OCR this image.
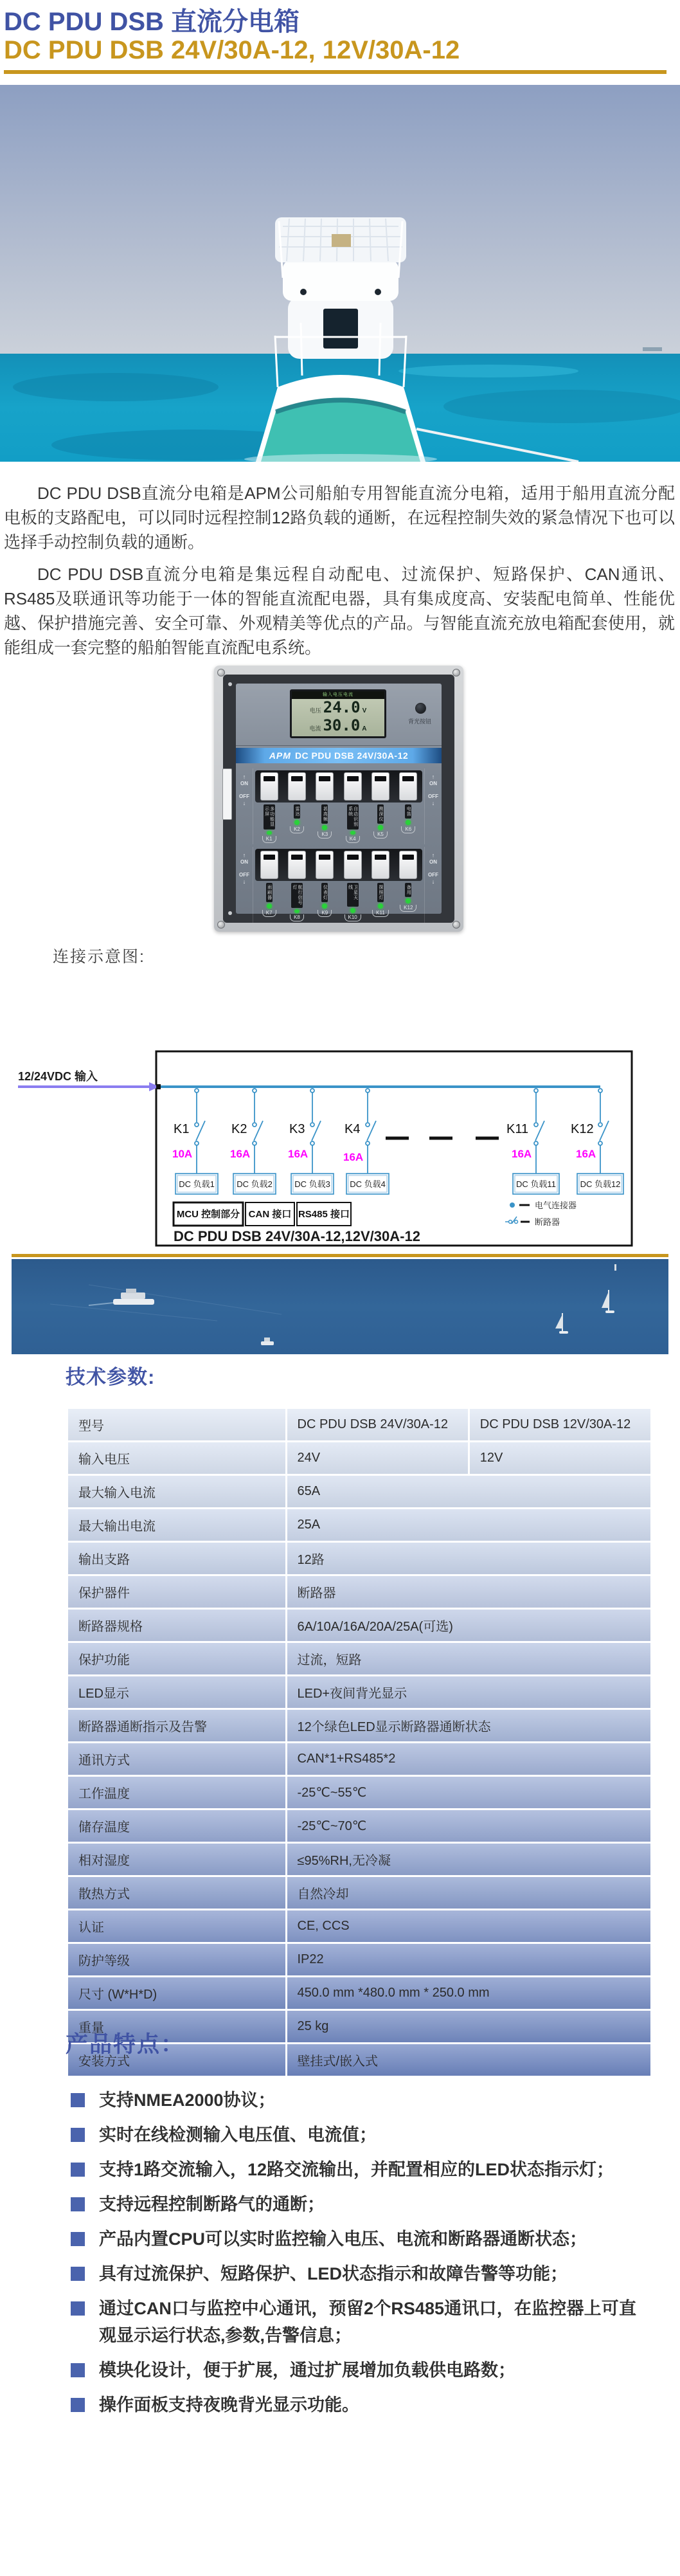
DC PDU DSB 直流分电箱
DC PDU DSB 24V/30A-12, 12V/30A-12

DC PDU DSB直流分电箱是APM公司船舶专用智能直流分电箱，适用于船用直流分配电板的支路配电，可以同时远程控制12路负载的通断，在远程控制失效的紧急情况下也可以选择手动控制负载的通断。

DC PDU DSB直流分电箱是集远程自动配电、过流保护、短路保护、CAN通讯、RS485及联通讯等功能于一体的智能直流配电器，具有集成度高、安装配电简单、性能优越、保护措施完善、安全可靠、外观精美等优点的产品。与智能直流充放电箱配套使用，就能组成一套完整的船舶智能直流配电系统。

输入电压电流
电压 24.0 V
电流 30.0 A
背光按钮
APM DC PDU DSB 24V/30A-12
↑
ON
OFF
↓
多功能显示屏
K1
雷达
K2
甚高频
K3
自动识别系统
K4
测深仪
K5
电笛
K6
↑
ON
OFF
↓
↑
ON
OFF
↓
雨刷器
K7
航行信号灯
K8
仪表灯
K9
卫星天线
K10
探照灯
K11
备用
K12
↑
ON
OFF
↓
连接示意图:
12/24VDC 输入
K1	K2	K3	K4	K11	K12
10A	16A	16A	16A	16A	16A
DC 负载1	DC 负载2	DC 负载3 DC 负载4	DC 负载11	DC 负载12
MCU 控制部分 CAN 接口 RS485 接口
DC PDU DSB 24V/30A-12,12V/30A-12
电气连接器
断路器
技术参数:
型号	DC PDU DSB 24V/30A-12	DC PDU DSB 12V/30A-12
输入电压	24V	12V
最大输入电流	65A	
最大输出电流	25A	
输出支路	12路	
保护器件	断路器	
断路器规格	6A/10A/16A/20A/25A(可选)	
保护功能	过流，短路	
LED显示	LED+夜间背光显示	
断路器通断指示及告警	12个绿色LED显示断路器通断状态	
通讯方式	CAN*1+RS485*2	
工作温度	-25℃~55℃	
储存温度	-25℃~70℃	
相对湿度	≤95%RH,无冷凝	
散热方式	自然冷却	
认证	CE, CCS	
防护等级	IP22	
尺寸 (W*H*D)	450.0 mm *480.0 mm * 250.0 mm	
重量	25 kg	
安装方式	壁挂式/嵌入式	
产品特点：
支持NMEA2000协议；
实时在线检测输入电压值、电流值；
支持1路交流输入，12路交流输出，并配置相应的LED状态指示灯；
支持远程控制断路气的通断；
产品内置CPU可以实时监控输入电压、电流和断路器通断状态；
具有过流保护、短路保护、LED状态指示和故障告警等功能；
通过CAN口与监控中心通讯，预留2个RS485通讯口，在监控器上可直观显示运行状态,参数,告警信息；
模块化设计，便于扩展，通过扩展增加负载供电路数；
操作面板支持夜晚背光显示功能。
